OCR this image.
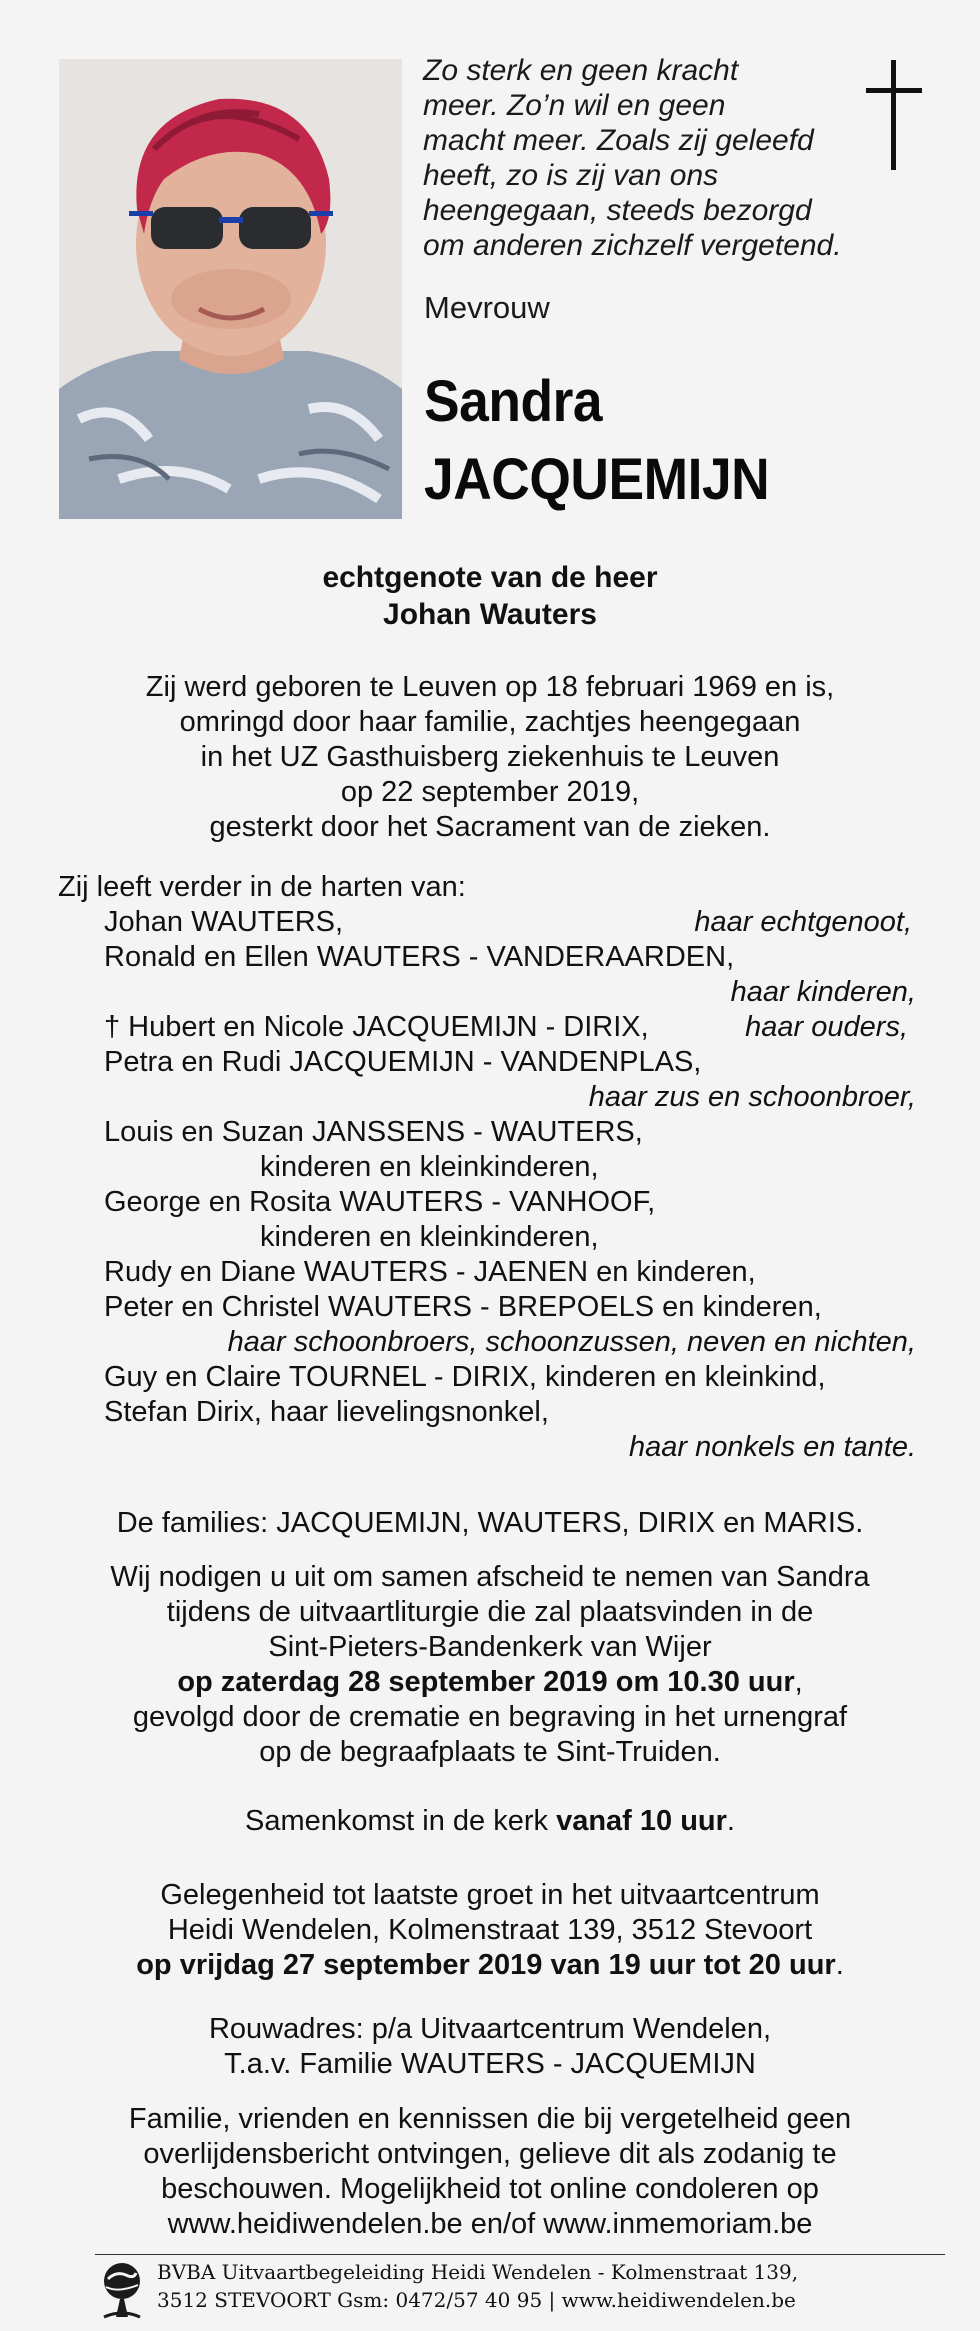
Zo sterk en geen kracht
meer. Zo’n wil en geen
macht meer. Zoals zij geleefd
heeft, zo is zij van ons
heengegaan, steeds bezorgd
om anderen zichzelf vergetend.
Mevrouw
Sandra
JACQUEMIJN
echtgenote van de heer
Johan Wauters
Zij werd geboren te Leuven op 18 februari 1969 en is,
omringd door haar familie, zachtjes heengegaan
in het UZ Gasthuisberg ziekenhuis te Leuven
op 22 september 2019,
gesterkt door het Sacrament van de zieken.
Zij leeft verder in de harten van:
Johan WAUTERS,	haar echtgenoot,
Ronald en Ellen WAUTERS - VANDERAARDEN,
haar kinderen,
† Hubert en Nicole JACQUEMIJN - DIRIX,	haar ouders,
Petra en Rudi JACQUEMIJN - VANDENPLAS,
haar zus en schoonbroer,
Louis en Suzan JANSSENS - WAUTERS,
kinderen en kleinkinderen,
George en Rosita WAUTERS - VANHOOF,
kinderen en kleinkinderen,
Rudy en Diane WAUTERS - JAENEN en kinderen,
Peter en Christel WAUTERS - BREPOELS en kinderen,
haar schoonbroers, schoonzussen, neven en nichten,
Guy en Claire TOURNEL - DIRIX, kinderen en kleinkind,
Stefan Dirix, haar lievelingsnonkel,
haar nonkels en tante.
De families: JACQUEMIJN, WAUTERS, DIRIX en MARIS.
Wij nodigen u uit om samen afscheid te nemen van Sandra
tijdens de uitvaartliturgie die zal plaatsvinden in de
Sint-Pieters-Bandenkerk van Wijer
op zaterdag 28 september 2019 om 10.30 uur,
gevolgd door de crematie en begraving in het urnengraf
op de begraafplaats te Sint-Truiden.
Samenkomst in de kerk vanaf 10 uur.
Gelegenheid tot laatste groet in het uitvaartcentrum
Heidi Wendelen, Kolmenstraat 139, 3512 Stevoort
op vrijdag 27 september 2019 van 19 uur tot 20 uur.
Rouwadres: p/a Uitvaartcentrum Wendelen,
T.a.v. Familie WAUTERS - JACQUEMIJN
Familie, vrienden en kennissen die bij vergetelheid geen
overlijdensbericht ontvingen, gelieve dit als zodanig te
beschouwen. Mogelijkheid tot online condoleren op
www.heidiwendelen.be en/of www.inmemoriam.be
BVBA Uitvaartbegeleiding Heidi Wendelen - Kolmenstraat 139,
3512 STEVOORT Gsm: 0472/57 40 95 | www.heidiwendelen.be
